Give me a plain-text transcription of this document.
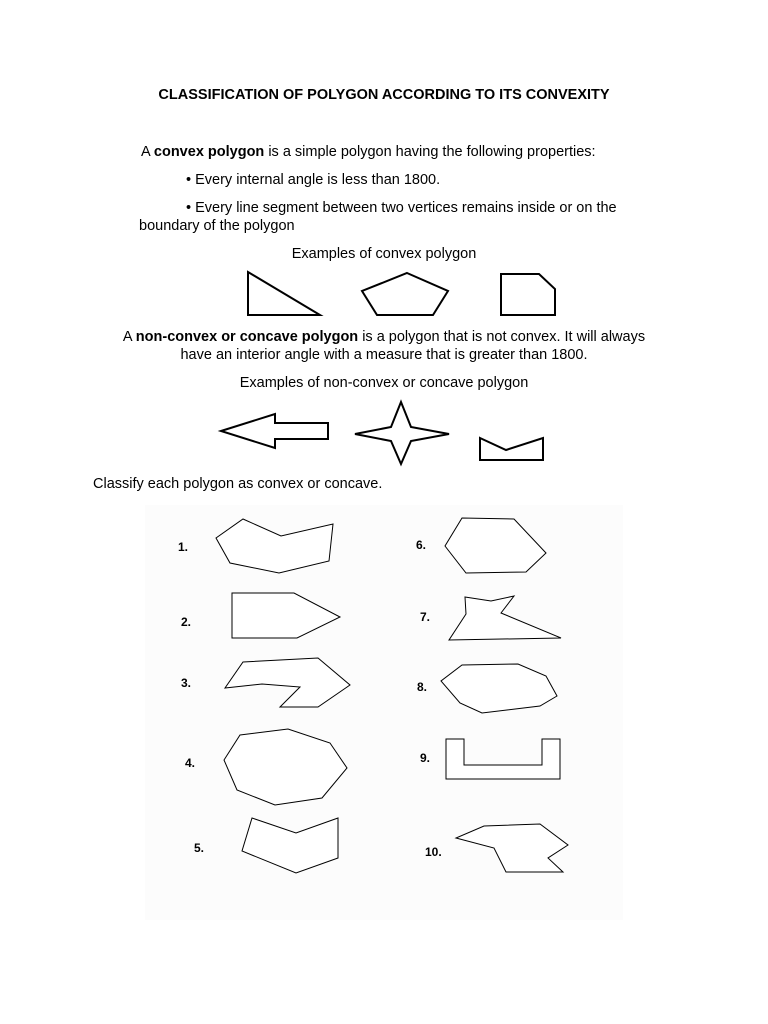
CLASSIFICATION OF POLYGON ACCORDING TO ITS CONVEXITY
A convex polygon is a simple polygon having the following properties:
• Every internal angle is less than 1800.
• Every line segment between two vertices remains inside or on the
boundary of the polygon
Examples of convex polygon
A non-convex or concave polygon is a polygon that is not convex. It will always
have an interior angle with a measure that is greater than 1800.
Examples of non-convex or concave polygon
Classify each polygon as convex or concave.
1.
2.
3.
4.
5.
6.
7.
8.
9.
10.
